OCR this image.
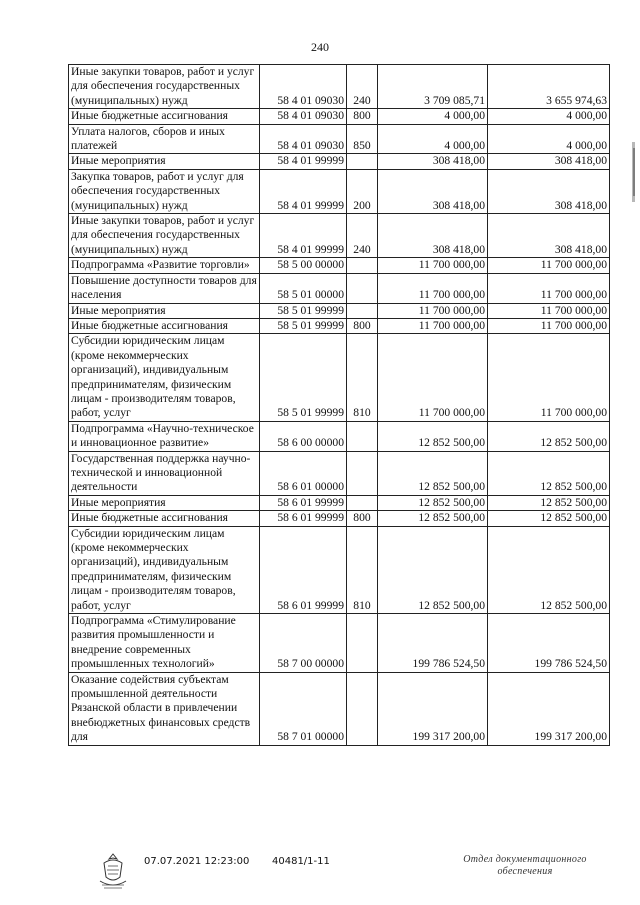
240
Иные закупки товаров, работ и услуг для обеспечения государственных (муниципальных) нужд	58 4 01 09030	240	3 709 085,71	3 655 974,63
Иные бюджетные ассигнования	58 4 01 09030	800	4 000,00	4 000,00
Уплата налогов, сборов и иных платежей	58 4 01 09030	850	4 000,00	4 000,00
Иные мероприятия	58 4 01 99999		308 418,00	308 418,00
Закупка товаров, работ и услуг для обеспечения государственных (муниципальных) нужд	58 4 01 99999	200	308 418,00	308 418,00
Иные закупки товаров, работ и услуг для обеспечения государственных (муниципальных) нужд	58 4 01 99999	240	308 418,00	308 418,00
Подпрограмма «Развитие торговли»	58 5 00 00000		11 700 000,00	11 700 000,00
Повышение доступности товаров для населения	58 5 01 00000		11 700 000,00	11 700 000,00
Иные мероприятия	58 5 01 99999		11 700 000,00	11 700 000,00
Иные бюджетные ассигнования	58 5 01 99999	800	11 700 000,00	11 700 000,00
Субсидии юридическим лицам (кроме некоммерческих организаций), индивидуальным предпринимателям, физическим лицам - производителям товаров, работ, услуг	58 5 01 99999	810	11 700 000,00	11 700 000,00
Подпрограмма «Научно-техническое и инновационное развитие»	58 6 00 00000		12 852 500,00	12 852 500,00
Государственная поддержка научно-технической и инновационной деятельности	58 6 01 00000		12 852 500,00	12 852 500,00
Иные мероприятия	58 6 01 99999		12 852 500,00	12 852 500,00
Иные бюджетные ассигнования	58 6 01 99999	800	12 852 500,00	12 852 500,00
Субсидии юридическим лицам (кроме некоммерческих организаций), индивидуальным предпринимателям, физическим лицам - производителям товаров, работ, услуг	58 6 01 99999	810	12 852 500,00	12 852 500,00
Подпрограмма «Стимулирование развития промышленности и внедрение современных промышленных технологий»	58 7 00 00000		199 786 524,50	199 786 524,50
Оказание содействия субъектам промышленной деятельности Рязанской области в привлечении внебюджетных финансовых средств для	58 7 01 00000		199 317 200,00	199 317 200,00
07.07.2021 12:23:00 40481/1-11	Отдел документационного
обеспечения
